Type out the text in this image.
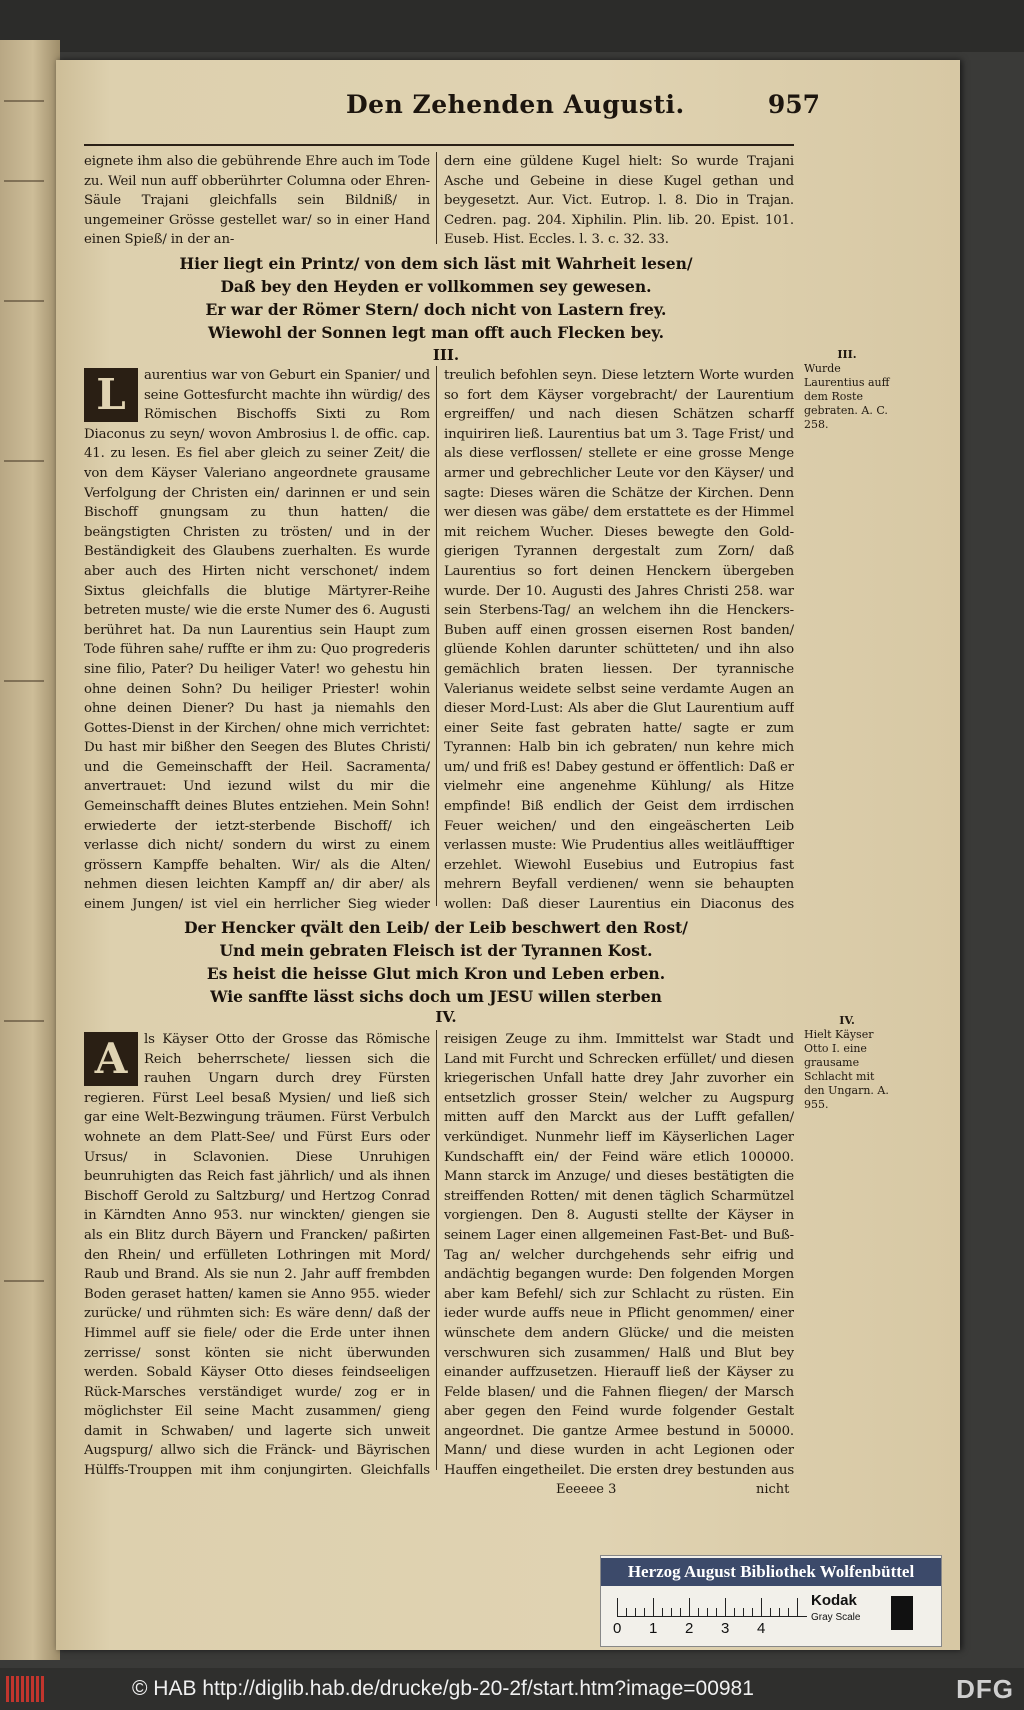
Den Zehenden Augusti.	957

eignete ihm also die gebührende Ehre auch im Tode zu. Weil nun auff obberührter Columna oder Ehren-Säule Trajani gleichfalls sein Bildniß/ in ungemeiner Grösse gestellet war/ so in einer Hand einen Spieß/ in der an-

dern eine güldene Kugel hielt: So wurde Trajani Asche und Gebeine in diese Kugel gethan und beygesetzt. Aur. Vict. Eutrop. l. 8. Dio in Trajan. Cedren. pag. 204. Xiphilin. Plin. lib. 20. Epist. 101. Euseb. Hist. Eccles. l. 3. c. 32. 33.

Hier liegt ein Printz/ von dem sich läst mit Wahrheit lesen/
Daß bey den Heyden er vollkommen sey gewesen.
Er war der Römer Stern/ doch nicht von Lastern frey.
Wiewohl der Sonnen legt man offt auch Flecken bey.
III.
L	aurentius war von Geburt ein Spanier/ und seine Gottesfurcht machte ihn würdig/ des Römischen Bischoffs Sixti zu Rom Diaconus zu seyn/ wovon Ambrosius l. de offic. cap. 41. zu lesen. Es fiel aber gleich zu seiner Zeit/ die von dem Käyser Valeriano angeordnete grausame Verfolgung der Christen ein/ darinnen er und sein Bischoff gnungsam zu thun hatten/ die beängstigten Christen zu trösten/ und in der Beständigkeit des Glaubens zuerhalten. Es wurde aber auch des Hirten nicht verschonet/ indem Sixtus gleichfalls die blutige Märtyrer-Reihe betreten muste/ wie die erste Numer des 6. Augusti berühret hat. Da nun Laurentius sein Haupt zum Tode führen sahe/ ruffte er ihm zu: Quo progrederis sine filio, Pater? Du heiliger Vater! wo gehestu hin ohne deinen Sohn? Du heiliger Priester! wohin ohne deinen Diener? Du hast ja niemahls den Gottes-Dienst in der Kirchen/ ohne mich verrichtet: Du hast mir bißher den Seegen des Blutes Christi/ und die Gemeinschafft der Heil. Sacramenta/ anvertrauet: Und iezund wilst du mir die Gemeinschafft deines Blutes entziehen. Mein Sohn! erwiederte der ietzt-sterbende Bischoff/ ich verlasse dich nicht/ sondern du wirst zu einem grössern Kampffe behalten. Wir/ als die Alten/ nehmen diesen leichten Kampff an/ dir aber/ als einem Jungen/ ist viel ein herrlicher Sieg wieder

treulich befohlen seyn. Diese letztern Worte wurden so fort dem Käyser vorgebracht/ der Laurentium ergreiffen/ und nach diesen Schätzen scharff inquiriren ließ. Laurentius bat um 3. Tage Frist/ und als diese verflossen/ stellete er eine grosse Menge armer und gebrechlicher Leute vor den Käyser/ und sagte: Dieses wären die Schätze der Kirchen. Denn wer diesen was gäbe/ dem erstattete es der Himmel mit reichem Wucher. Dieses bewegte den Gold-gierigen Tyrannen dergestalt zum Zorn/ daß Laurentius so fort deinen Henckern übergeben wurde. Der 10. Augusti des Jahres Christi 258. war sein Sterbens-Tag/ an welchem ihn die Henckers-Buben auff einen grossen eisernen Rost banden/ glüende Kohlen darunter schütteten/ und ihn also gemächlich braten liessen. Der tyrannische Valerianus weidete selbst seine verdamte Augen an dieser Mord-Lust: Als aber die Glut Laurentium auff einer Seite fast gebraten hatte/ sagte er zum Tyrannen: Halb bin ich gebraten/ nun kehre mich um/ und friß es! Dabey gestund er öffentlich: Daß er vielmehr eine angenehme Kühlung/ als Hitze empfinde! Biß endlich der Geist dem irrdischen Feuer weichen/ und den eingeäscherten Leib verlassen muste: Wie Prudentius alles weitläufftiger erzehlet. Wiewohl Eusebius und Eutropius fast mehrern Beyfall verdienen/ wenn sie behaupten wollen: Daß dieser Laurentius ein Diaconus des

III.
Wurde Laurentius auff dem Roste gebraten. A. C. 258.
Der Hencker qvält den Leib/ der Leib beschwert den Rost/
Und mein gebraten Fleisch ist der Tyrannen Kost.
Es heist die heisse Glut mich Kron und Leben erben.
Wie sanffte lässt sichs doch um JESU willen sterben
IV.
A	ls Käyser Otto der Grosse das Römische Reich beherrschete/ liessen sich die rauhen Ungarn durch drey Fürsten regieren. Fürst Leel besaß Mysien/ und ließ sich gar eine Welt-Bezwingung träumen. Fürst Verbulch wohnete an dem Platt-See/ und Fürst Eurs oder Ursus/ in Sclavonien. Diese Unruhigen beunruhigten das Reich fast jährlich/ und als ihnen Bischoff Gerold zu Saltzburg/ und Hertzog Conrad in Kärndten Anno 953. nur winckten/ giengen sie als ein Blitz durch Bäyern und Francken/ paßirten den Rhein/ und erfülleten Lothringen mit Mord/ Raub und Brand. Als sie nun 2. Jahr auff frembden Boden geraset hatten/ kamen sie Anno 955. wieder zurücke/ und rühmten sich: Es wäre denn/ daß der Himmel auff sie fiele/ oder die Erde unter ihnen zerrisse/ sonst könten sie nicht überwunden werden. Sobald Käyser Otto dieses feindseeligen Rück-Marsches verständiget wurde/ zog er in möglichster Eil seine Macht zusammen/ gieng damit in Schwaben/ und lagerte sich unweit Augspurg/ allwo sich die Fränck- und Bäyrischen Hülffs-Trouppen mit ihm conjungirten. Gleichfalls

reisigen Zeuge zu ihm. Immittelst war Stadt und Land mit Furcht und Schrecken erfüllet/ und diesen kriegerischen Unfall hatte drey Jahr zuvorher ein entsetzlich grosser Stein/ welcher zu Augspurg mitten auff den Marckt aus der Lufft gefallen/ verkündiget. Nunmehr lieff im Käyserlichen Lager Kundschafft ein/ der Feind wäre etlich 100000. Mann starck im Anzuge/ und dieses bestätigten die streiffenden Rotten/ mit denen täglich Scharmützel vorgiengen. Den 8. Augusti stellte der Käyser in seinem Lager einen allgemeinen Fast-Bet- und Buß-Tag an/ welcher durchgehends sehr eifrig und andächtig begangen wurde: Den folgenden Morgen aber kam Befehl/ sich zur Schlacht zu rüsten. Ein ieder wurde auffs neue in Pflicht genommen/ einer wünschete dem andern Glücke/ und die meisten verschwuren sich zusammen/ Halß und Blut bey einander auffzusetzen. Hierauff ließ der Käyser zu Felde blasen/ und die Fahnen fliegen/ der Marsch aber gegen den Feind wurde folgender Gestalt angeordnet. Die gantze Armee bestund in 50000. Mann/ und diese wurden in acht Legionen oder Hauffen eingetheilet. Die ersten drey bestunden aus

IV.
Hielt Käyser Otto I. eine grausame Schlacht mit den Ungarn. A. 955.
Eeeeee 3	nicht
Herzog August Bibliothek Wolfenbüttel
0 1 2 3 4
Kodak
Gray Scale
© HAB http://diglib.hab.de/drucke/gb-20-2f/start.htm?image=00981	DFG
